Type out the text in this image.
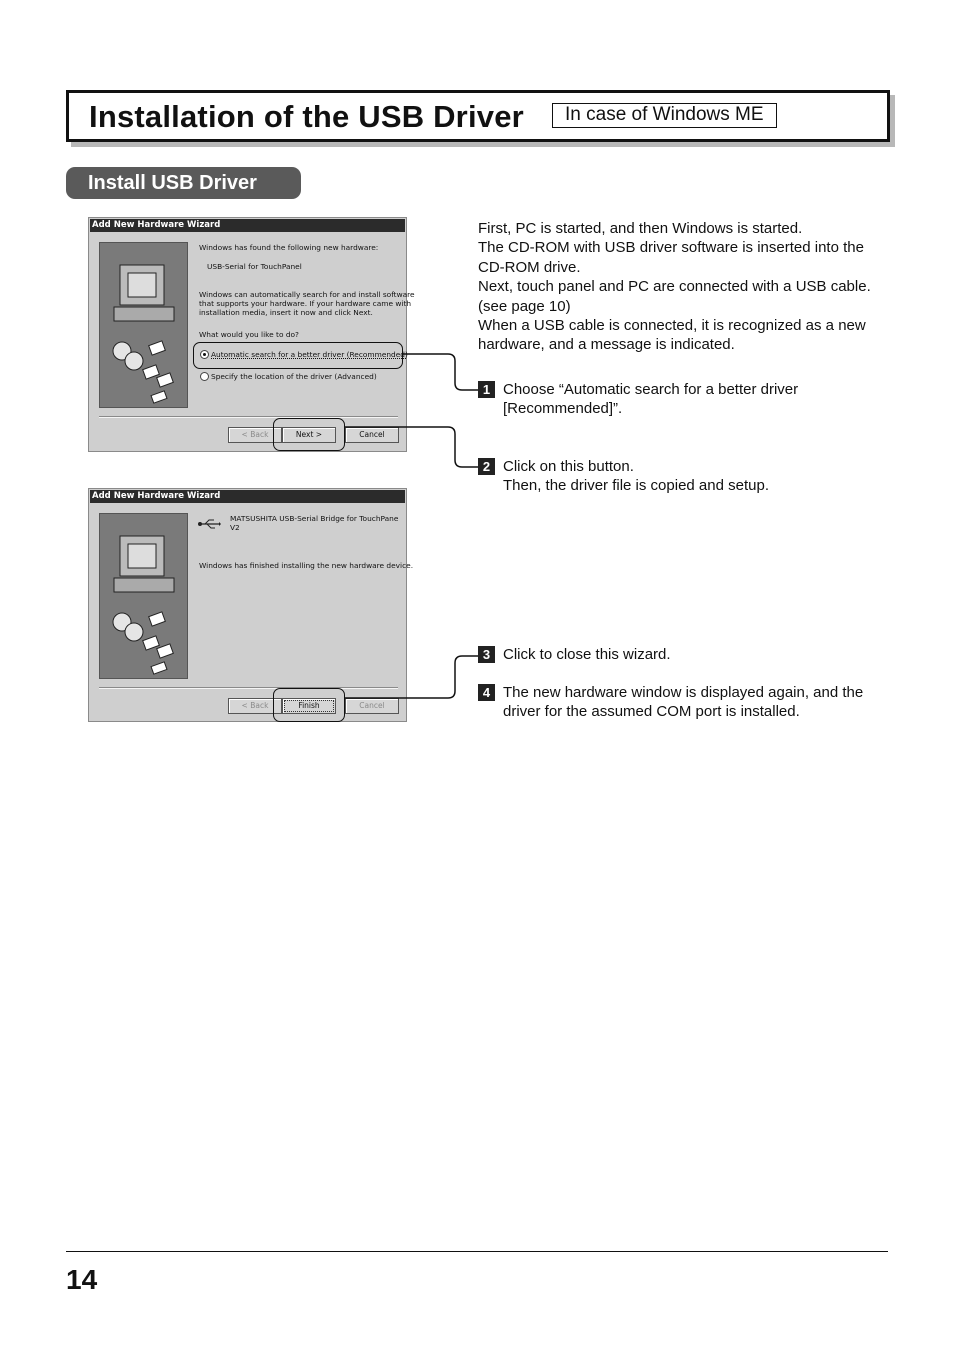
Installation of the USB Driver	In case of Windows ME
Install USB Driver
Add New Hardware Wizard
Windows has found the following new hardware:
USB-Serial for TouchPanel
Windows can automatically search for and install software
that supports your hardware. If your hardware came with
installation media, insert it now and click Next.
What would you like to do?
Automatic search for a better driver (Recommended)
Specify the location of the driver (Advanced)
< Back	Next >	Cancel
Add New Hardware Wizard
MATSUSHITA USB-Serial Bridge for TouchPane
V2
Windows has finished installing the new hardware device.
< Back	Finish	Cancel
First, PC is started, and then Windows is started.
The CD-ROM with USB driver software is inserted into the
CD-ROM drive.
Next, touch panel and PC are connected with a USB cable.
(see page 10)
When a USB cable is connected, it is recognized as a new
hardware, and a message is indicated.
1 Choose “Automatic search for a better driver
[Recommended]”.
2 Click on this button.
Then, the driver file is copied and setup.
3 Click to close this wizard.
4 The new hardware window is displayed again, and the
driver for the assumed COM port is installed.
14
